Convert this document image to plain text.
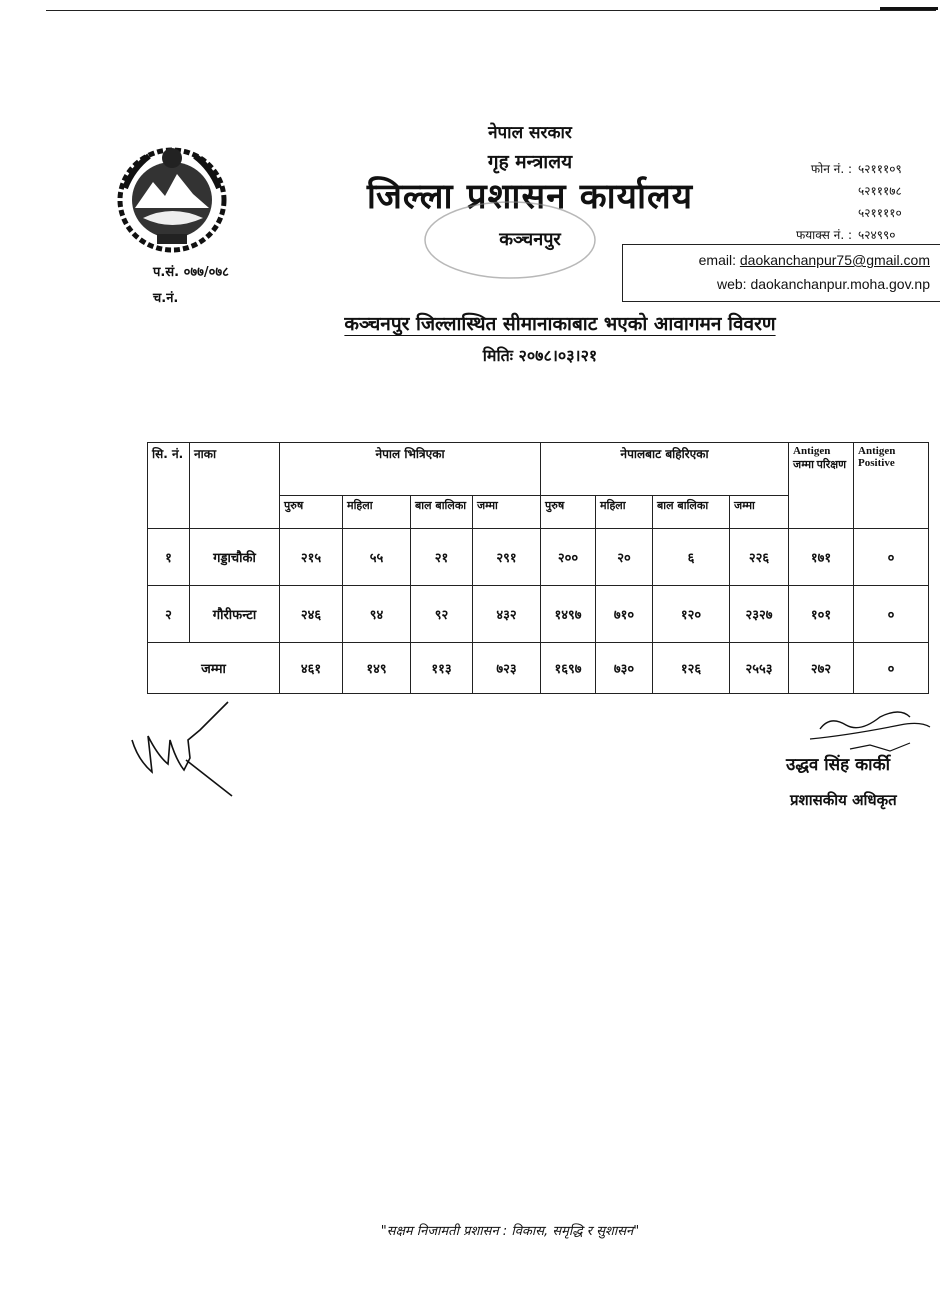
नेपाल सरकार
गृह मन्त्रालय
जिल्ला प्रशासन कार्यालय
कञ्चनपुर
फोन नं. : ५२१११०९
५२१११७८
५२११११०
फयाक्स नं. : ५२४९९०
email: daokanchanpur75@gmail.com
web: daokanchanpur.moha.gov.np
प.सं. ०७७/०७८
च.नं.
कञ्चनपुर जिल्लास्थित सीमानाकाबाट भएको आवागमन विवरण
मितिः २०७८।०३।२१
सि. नं.	नाका	नेपाल भित्रिएका				नेपालबाट बहिरिएका				Antigen जम्मा परिक्षण	Antigen Positive
		पुरुष	महिला	बाल बालिका	जम्मा	पुरुष	महिला	बाल बालिका	जम्मा		
१	गड्डाचौकी	२१५	५५	२१	२९१	२००	२०	६	२२६	१७१	०
२	गौरीफन्टा	२४६	९४	९२	४३२	१४९७	७१०	१२०	२३२७	१०१	०
जम्मा		४६१	१४९	११३	७२३	१६९७	७३०	१२६	२५५३	२७२	०
उद्धव सिंह कार्की
प्रशासकीय अधिकृत
"सक्षम निजामती प्रशासन : विकास, समृद्धि र सुशासन"
